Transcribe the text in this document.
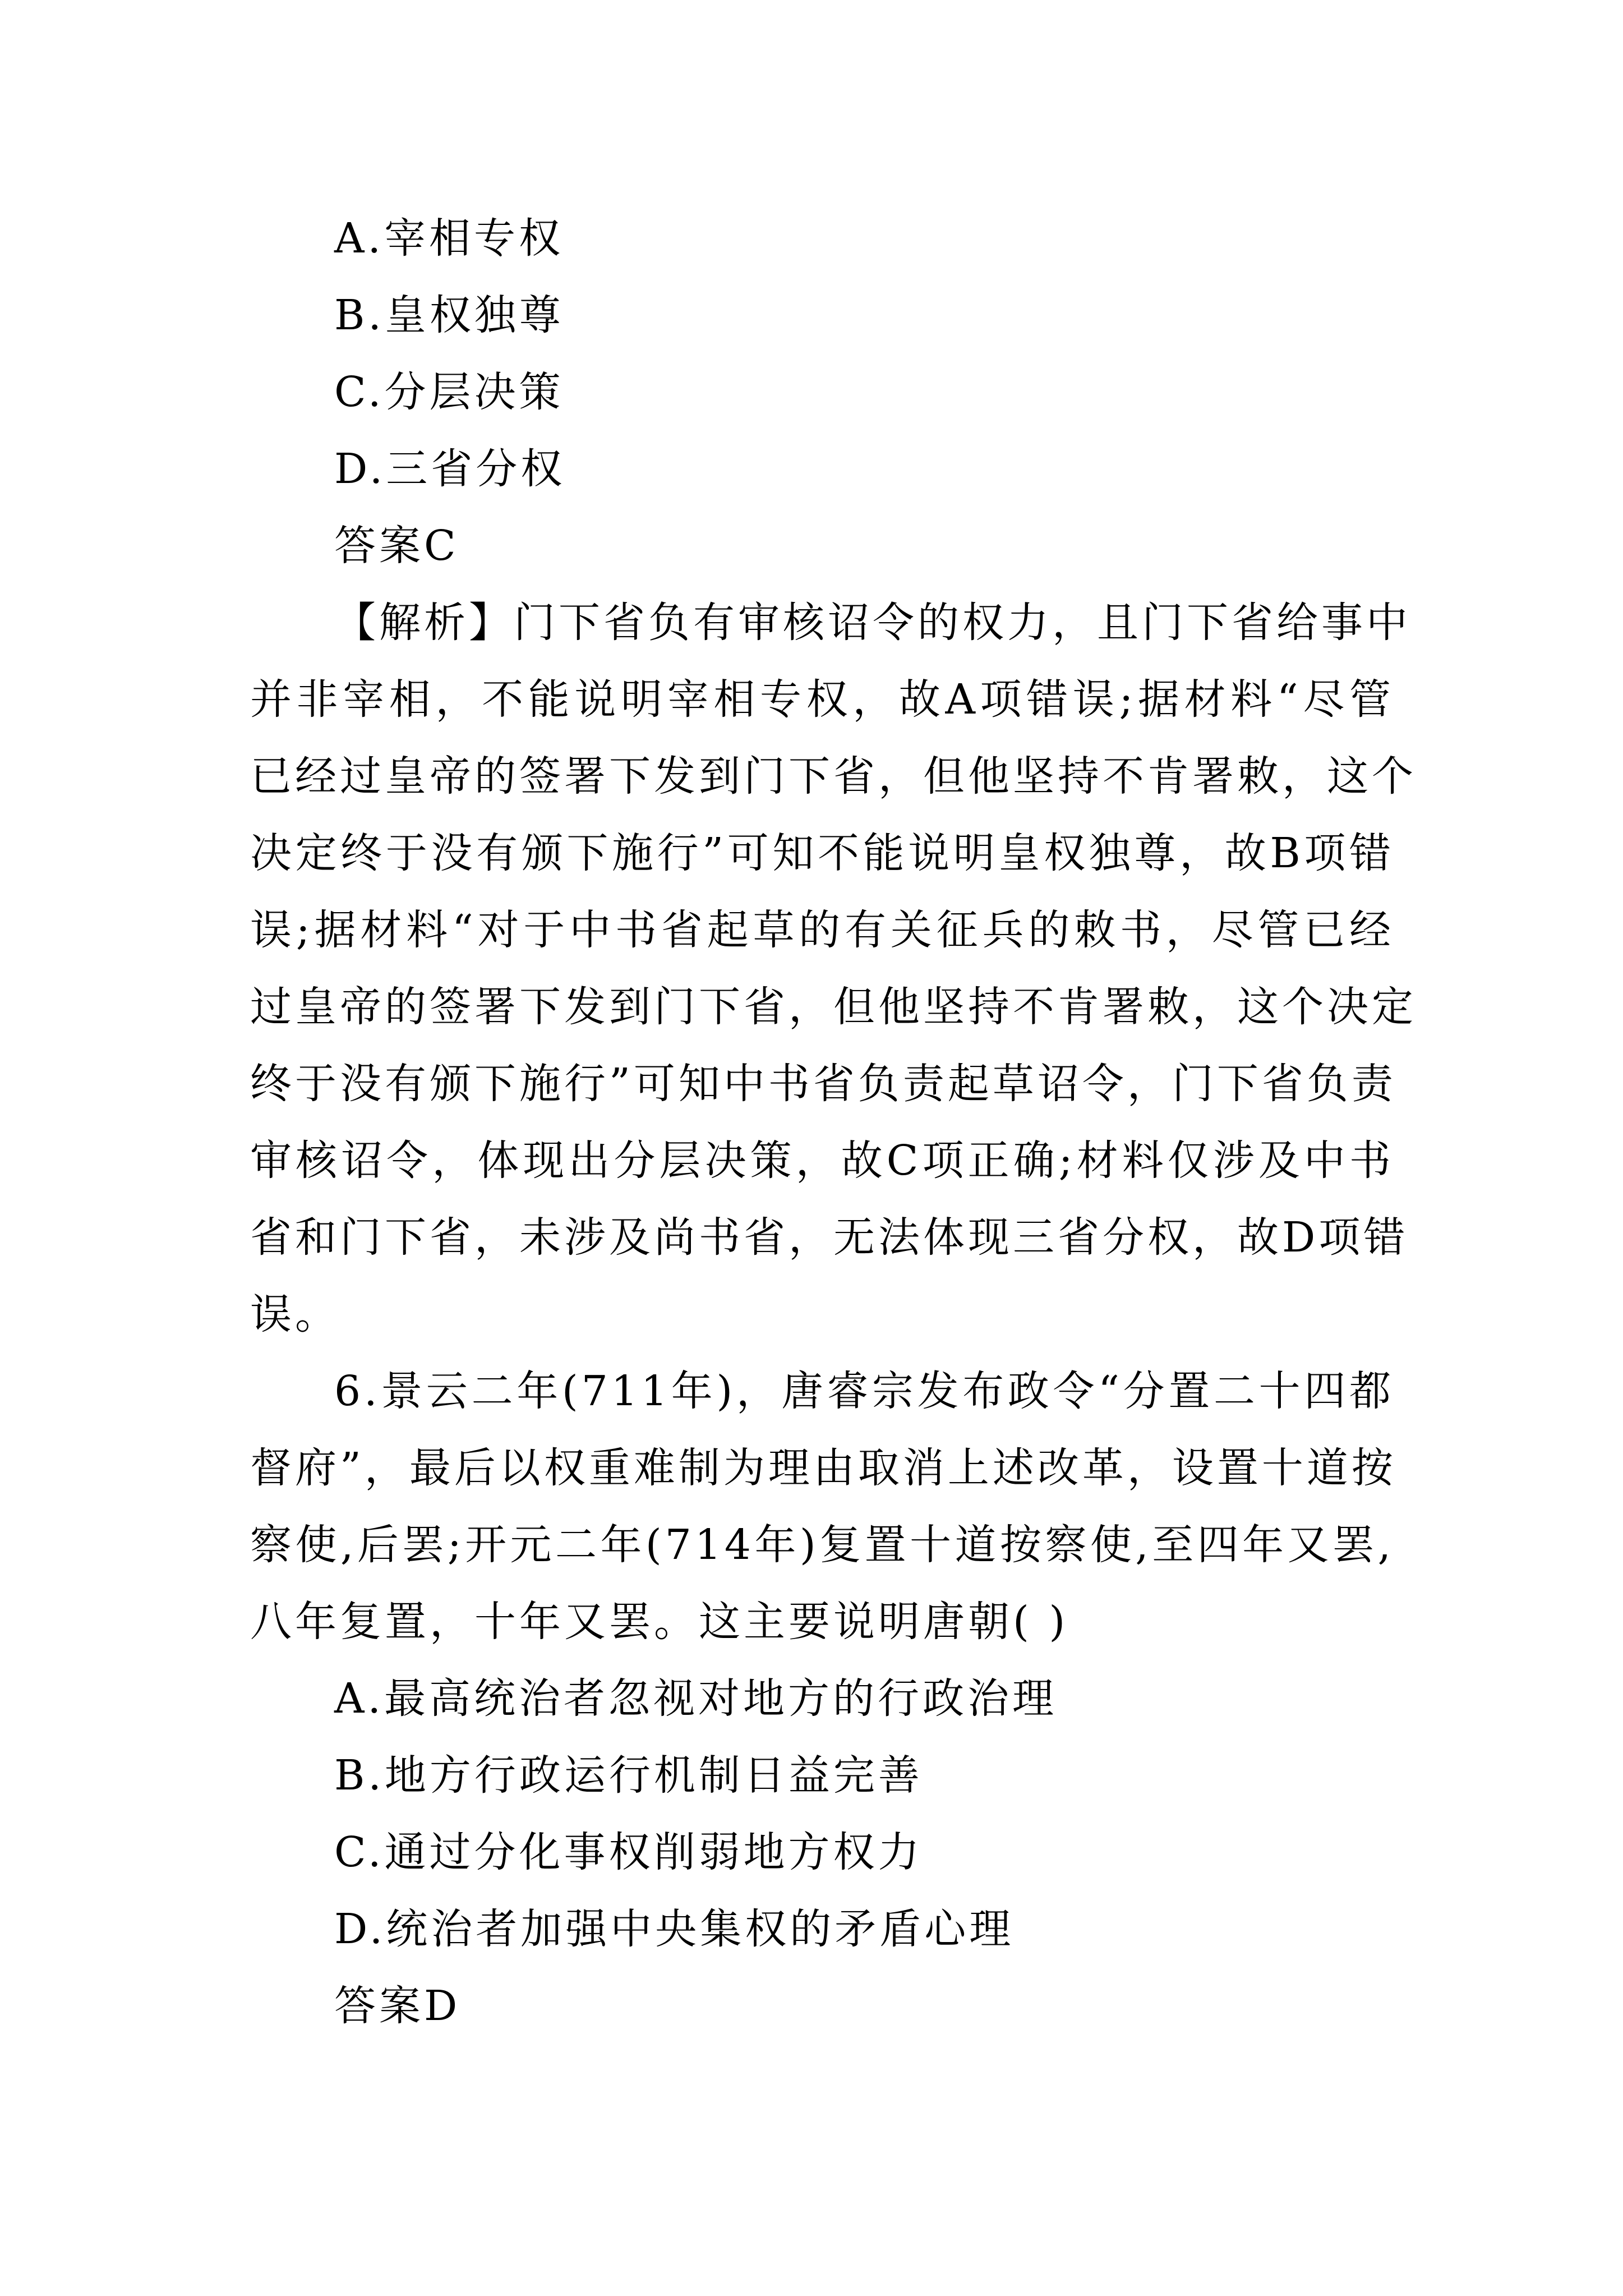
A.宰相专权
B.皇权独尊
C.分层决策
D.三省分权
答案C
【解析】门下省负有审核诏令的权力，且门下省给事中
并非宰相，不能说明宰相专权，故A项错误;据材料“尽管
已经过皇帝的签署下发到门下省，但他坚持不肯署敕，这个
决定终于没有颁下施行”可知不能说明皇权独尊，故B项错
误;据材料“对于中书省起草的有关征兵的敕书，尽管已经
过皇帝的签署下发到门下省，但他坚持不肯署敕，这个决定
终于没有颁下施行”可知中书省负责起草诏令，门下省负责
审核诏令，体现出分层决策，故C项正确;材料仅涉及中书
省和门下省，未涉及尚书省，无法体现三省分权，故D项错
误。
6.景云二年(711年)，唐睿宗发布政令“分置二十四都
督府”，最后以权重难制为理由取消上述改革，设置十道按
察使,后罢;开元二年(714年)复置十道按察使,至四年又罢,
八年复置，十年又罢。这主要说明唐朝( )
A.最高统治者忽视对地方的行政治理
B.地方行政运行机制日益完善
C.通过分化事权削弱地方权力
D.统治者加强中央集权的矛盾心理
答案D
